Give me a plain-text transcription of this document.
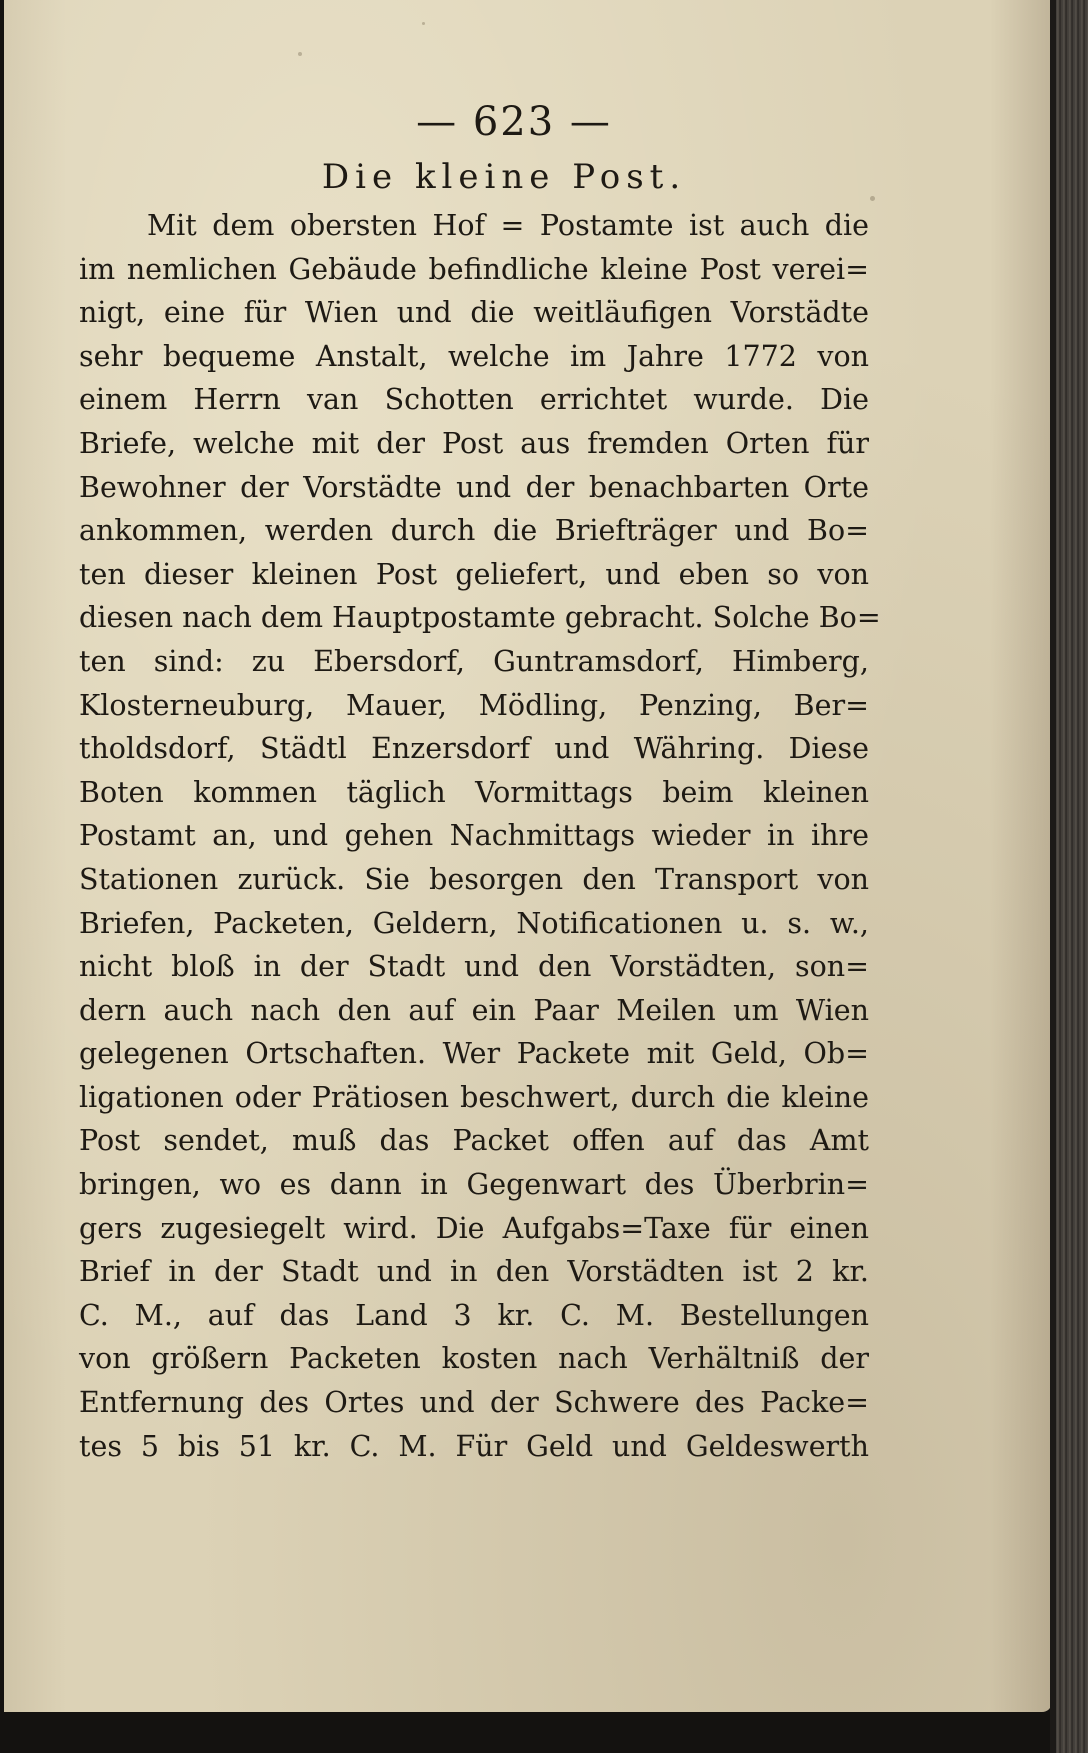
— 623 —
Die kleine Post.
Mit dem obersten Hof = Postamte ist auch die
im nemlichen Gebäude befindliche kleine Post verei=
nigt, eine für Wien und die weitläufigen Vorstädte
sehr bequeme Anstalt, welche im Jahre 1772 von
einem Herrn van Schotten errichtet wurde. Die
Briefe, welche mit der Post aus fremden Orten für
Bewohner der Vorstädte und der benachbarten Orte
ankommen, werden durch die Briefträger und Bo=
ten dieser kleinen Post geliefert, und eben so von
diesen nach dem Hauptpostamte gebracht. Solche Bo=
ten sind: zu Ebersdorf, Guntramsdorf, Himberg,
Klosterneuburg, Mauer, Mödling, Penzing, Ber=
tholdsdorf, Städtl Enzersdorf und Währing. Diese
Boten kommen täglich Vormittags beim kleinen
Postamt an, und gehen Nachmittags wieder in ihre
Stationen zurück. Sie besorgen den Transport von
Briefen, Packeten, Geldern, Notificationen u. s. w.,
nicht bloß in der Stadt und den Vorstädten, son=
dern auch nach den auf ein Paar Meilen um Wien
gelegenen Ortschaften. Wer Packete mit Geld, Ob=
ligationen oder Prätiosen beschwert, durch die kleine
Post sendet, muß das Packet offen auf das Amt
bringen, wo es dann in Gegenwart des Überbrin=
gers zugesiegelt wird. Die Aufgabs=Taxe für einen
Brief in der Stadt und in den Vorstädten ist 2 kr.
C. M., auf das Land 3 kr. C. M. Bestellungen
von größern Packeten kosten nach Verhältniß der
Entfernung des Ortes und der Schwere des Packe=
tes 5 bis 51 kr. C. M. Für Geld und Geldeswerth
